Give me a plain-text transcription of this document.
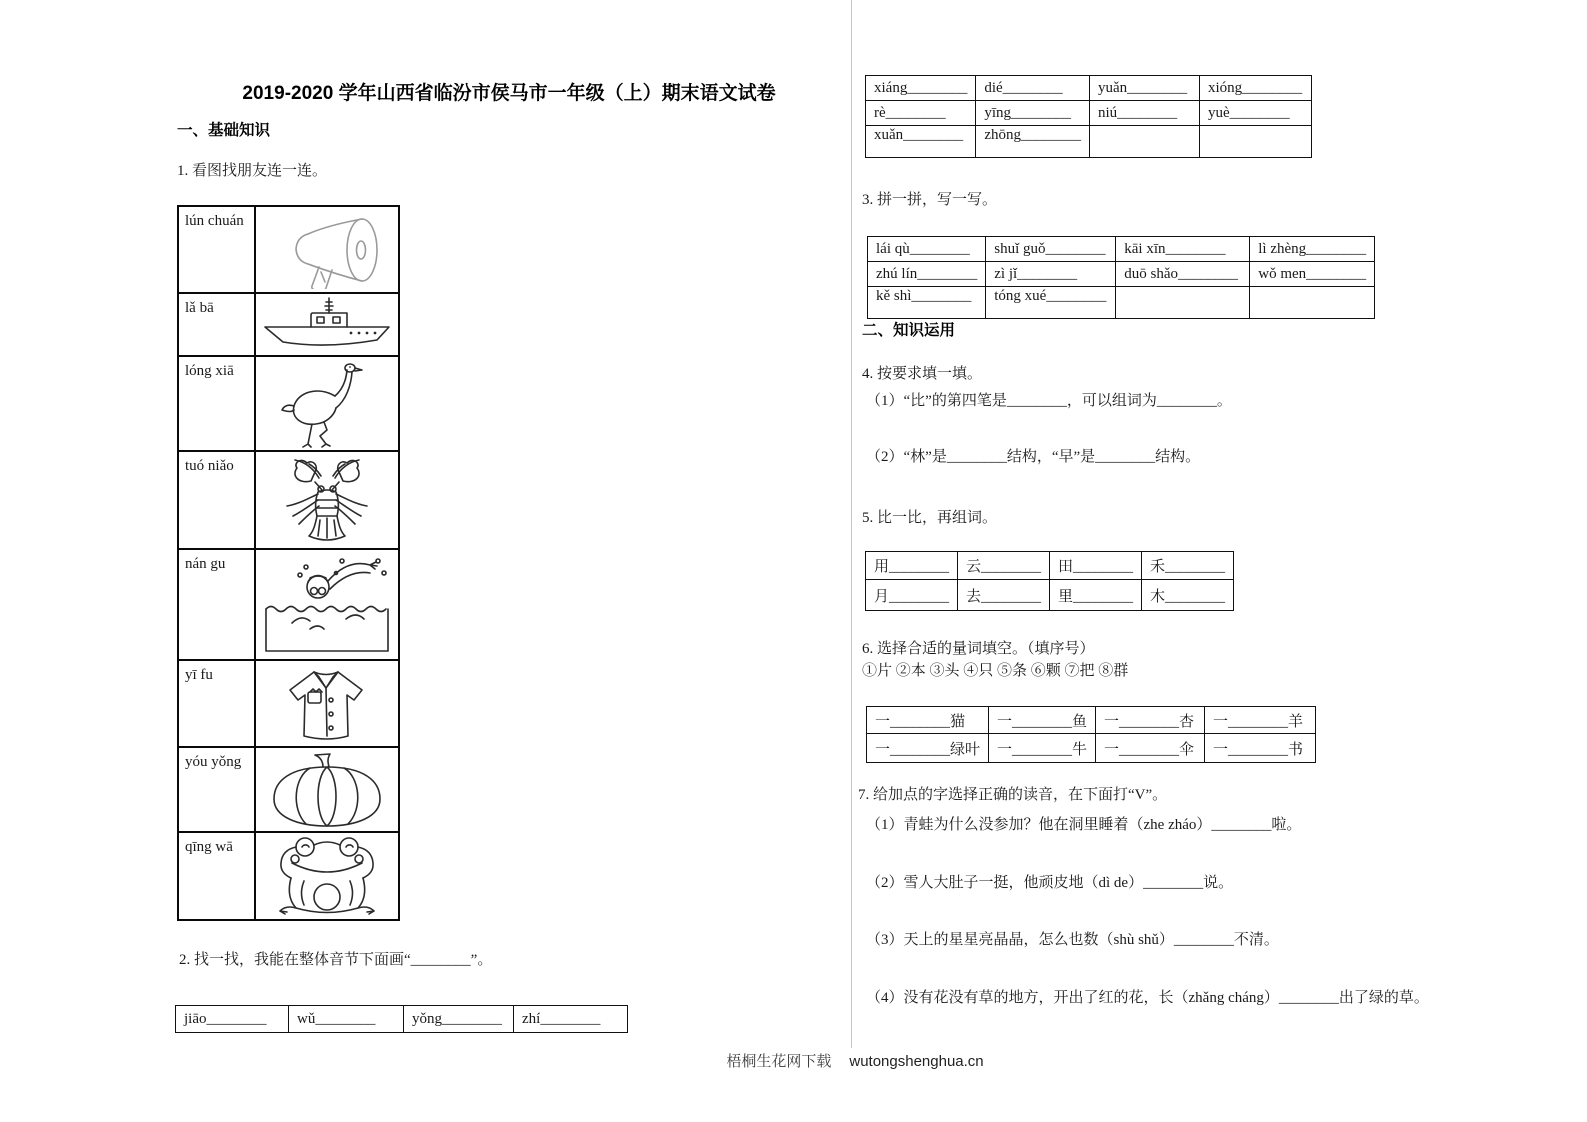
2019-2020 学年山西省临汾市侯马市一年级（上）期末语文试卷
一、基础知识
1. 看图找朋友连一连。
lún chuán	

lǎ bā	

lóng xiā	

tuó niǎo	

nán gu	

yī fu	

yóu yǒng	

qīng wā	
2. 找一找，我能在整体音节下面画“________”。
jiāo________	wǔ________	yǒng________	zhí________
xiáng________	dié________	yuǎn________	xióng________
rè________	yīng________	niú________	yuè________
xuǎn________	zhōng________		
3. 拼一拼，写一写。
lái qù________	shuǐ guǒ________	kāi xīn________	lì zhèng________
zhú lín________	zì jǐ________	duō shǎo________	wǒ men________
kě shì________	tóng xué________		
二、知识运用
4. 按要求填一填。
（1）“比”的第四笔是________，可以组词为________。
（2）“林”是________结构，“早”是________结构。
5. 比一比，再组词。
用________	云________	田________	禾________
月________	去________	里________	木________
6. 选择合适的量词填空。（填序号）
①片 ②本 ③头 ④只 ⑤条 ⑥颗 ⑦把 ⑧群
一________猫	一________鱼	一________杏	一________羊
一________绿叶	一________牛	一________伞	一________书
7. 给加点的字选择正确的读音，在下面打“V”。
（1）青蛙为什么没参加？他在洞里睡着（zhe zháo）________啦。
（2）雪人大肚子一挺，他顽皮地（dì de）________说。
（3）天上的星星亮晶晶，怎么也数（shù shǔ）________不清。
（4）没有花没有草的地方，开出了红的花，长（zhǎng cháng）________出了绿的草。
梧桐生花网下载 wutongshenghua.cn
